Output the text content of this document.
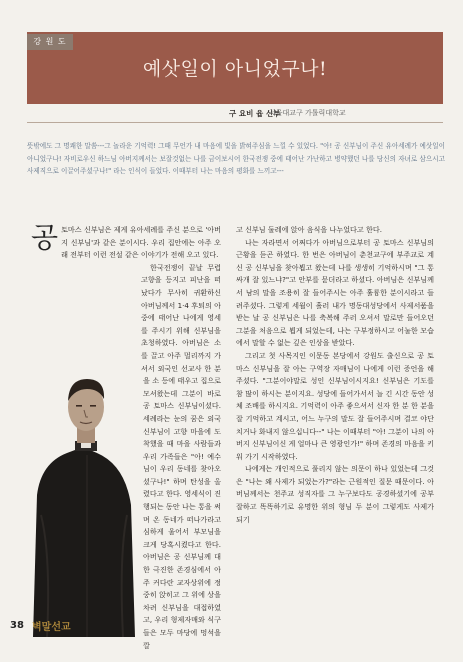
예삿일이 아니었구나!
강 원 도
구 요비 윱 신부
서울대교구 가톨릭대학교
뜻밖에도 그 명쾌한 말씀---그 놀라운 기억력! 그때 무언가 내 마음에 빛을 밝혀주심을 느낄 수 있었다. "아! 공 신부님이 주신 유아세례가 예삿일이 아니었구나! 자비로우신 하느님 아버지께서는 보잘것없는 나를 금이보시어 한국전쟁 중에 태어난 가난하고 병약했던 나를 당신의 자녀로 삼으시고 사제직으로 이끌어주셨구나!" 라는 인식이 들었다. 이때부터 나는 마음의 평화를 느끼고---

공토마스 신부님은 제게 유아세례를 주신 분으로 '아버지 신부님'과 같은 분이시다. 우리 집안에는 아주 오래 전부터 이런 전설 같은 이야기가 전해 오고 있다.

한국전쟁이 끝날 무렵 고향을 등지고 피난을 떠났다가 무사히 귀환하신 아버님께서 1·4 후퇴의 아중에 태어난 나에게 영세를 주시기 위해 신부님을 초청하였다. 아버님은 소를 끌고 아주 멀리까지 가셔서 외국인 선교사 한 분을 소 등에 태우고 집으로 모셔왔는데 그분이 바로 공 토마스 신부님이셨다. 세례라는 눈의 꿈은 외국 신부님이 고향 마을에 도착했을 때 마을 사람들과 우리 가족들은 "아! 예수님이 우리 동네를 찾아오셨구나!" 하며 탄성을 올렸다고 한다. 영세식이 진행되는 동안 나는 통을 써며 온 동네가 떠나가라고 심하게 울어서 부모님을 크게 당혹시켰다고 한다. 아버님은 공 신부님께 대한 극진한 존경심에서 아주 커다란 교자상위에 정중히 앉히고 그 위에 상을 차려 신부님을 대접하였고, 우리 형제자매와 식구들은 모두 마당에 멍석을 깔

고 신부님 둘레에 앉아 음식을 나누었다고 한다.

나는 자라면서 어쩌다가 아버님으로부터 공 토마스 신부님의 근황을 듣곤 하였다. 한 번은 아버님이 춘천교구에 부주교로 계신 공 신부님을 찾아뵙고 왔는데 나를 생생히 기억하시며 "그 통싸개 잘 있느냐?"고 안부를 묻더라고 하셨다. 아버님은 신부님께서 남의 말을 조용히 잘 들어주시는 아주 훌륭한 분이시라고 들려주셨다. 그렇게 세월이 흘러 내가 명동대성당에서 사제서품을 받는 날 공 신부님은 나를 축복해 주러 오셔서 말로만 들어오던 그분을 처음으로 뵙게 되었는데, 나는 구부정하시고 어눌한 모습에서 말할 수 없는 깊은 인상을 받았다.

그리고 첫 사목지인 이문동 본당에서 강원도 출신으로 공 토마스 신부님을 잘 아는 구역장 자매님이 나에게 이런 증언을 해주셨다. "그분이야말로 성인 신부님이시지요! 신부님은 기도를 참 많이 하시는 분이지요. 성당에 들어가서서 늘 긴 시간 동안 성체 조배를 하시지요. 기억력이 아주 좋으셔서 신자 한 분 한 분을 잘 기억하고 계시고, 어느 누구의 말도 잘 들어주시며 결코 야단치거나 화내지 않으십니다--" 나는 이때부터 "아! 그분이 나의 아버지 신부님이신 게 얼마나 큰 영광인가!" 하며 존경의 마음을 키워 가기 시작하였다.

나에게는 개인적으로 풀리지 않는 의문이 하나 있었는데 그것은 "나는 왜 사제가 되었는가?"라는 근원적인 질문 때문이다. 아버님께서는 천주교 성직자를 그 누구보다도 공경하셨기에 공부 잘하고 똑똑하기로 유명한 위의 형님 두 분이 그렇게도 사제가 되기

38 벽말선교
